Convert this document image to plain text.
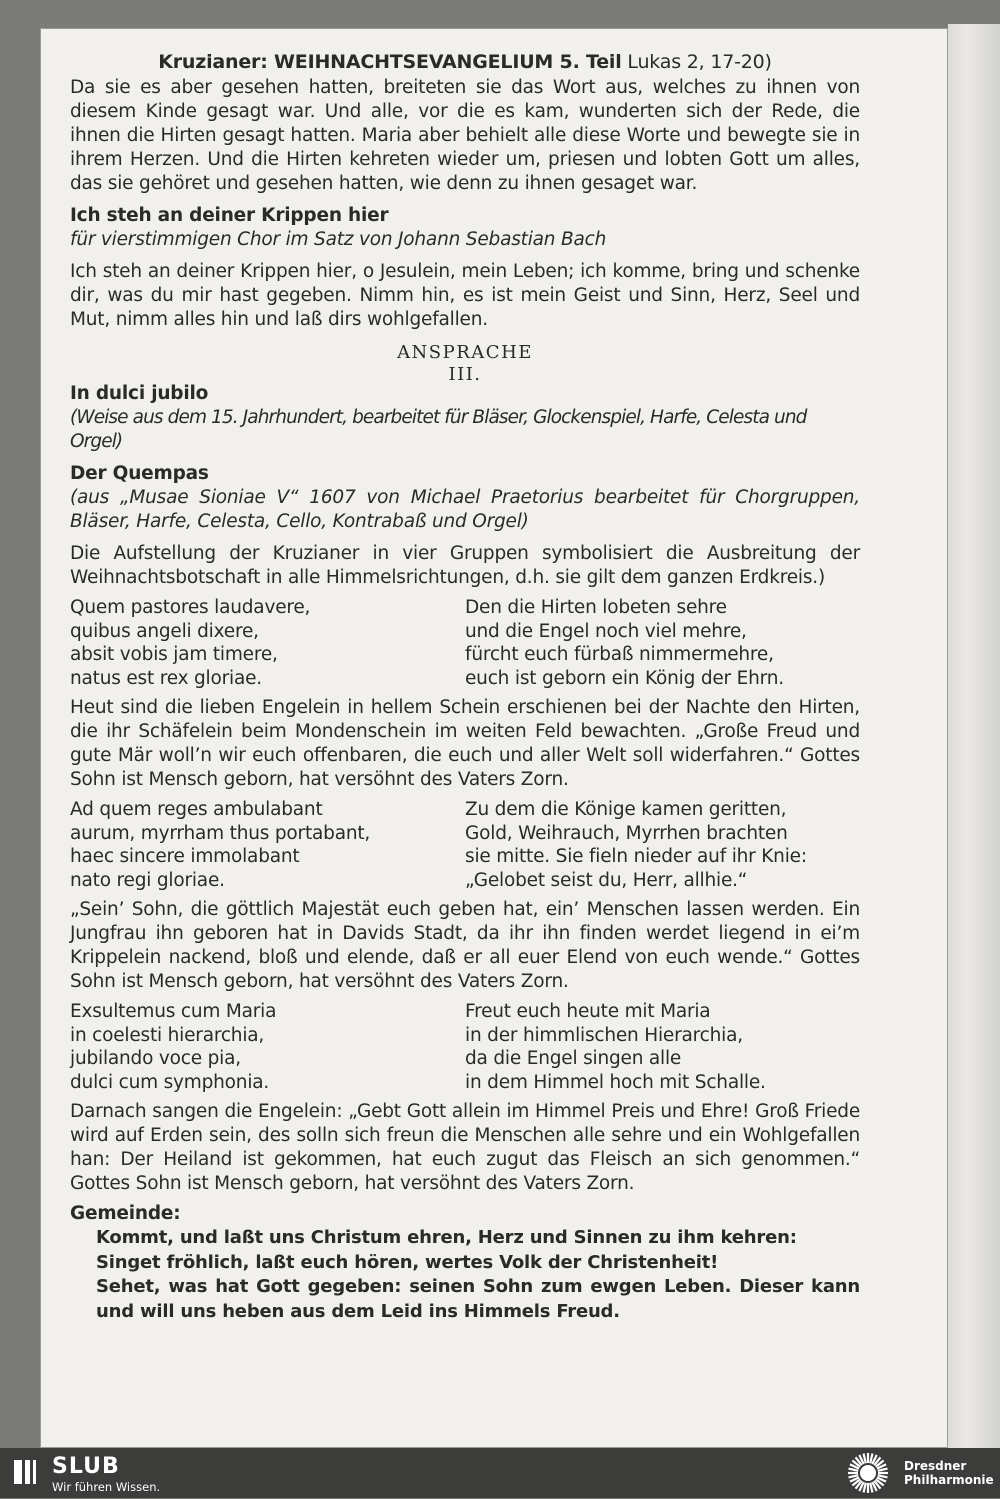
Kruzianer: WEIHNACHTSEVANGELIUM 5. Teil Lukas 2, 17-20)

Da sie es aber gesehen hatten, breiteten sie das Wort aus, welches zu ihnen von diesem Kinde gesagt war. Und alle, vor die es kam, wunderten sich der Rede, die ihnen die Hirten gesagt hatten. Maria aber behielt alle diese Worte und bewegte sie in ihrem Herzen. Und die Hirten kehreten wieder um, priesen und lobten Gott um alles, das sie gehöret und gesehen hatten, wie denn zu ihnen gesaget war.

Ich steh an deiner Krippen hier
für vierstimmigen Chor im Satz von Johann Sebastian Bach

Ich steh an deiner Krippen hier, o Jesulein, mein Leben; ich komme, bring und schenke dir, was du mir hast gegeben. Nimm hin, es ist mein Geist und Sinn, Herz, Seel und Mut, nimm alles hin und laß dirs wohlgefallen.

ANSPRACHE
III.
In dulci jubilo
(Weise aus dem 15. Jahrhundert, bearbeitet für Bläser, Glockenspiel, Harfe, Celesta und Orgel)
Der Quempas
(aus „Musae Sioniae V“ 1607 von Michael Praetorius bearbeitet für Chorgruppen, Bläser, Harfe, Celesta, Cello, Kontrabaß und Orgel)

Die Aufstellung der Kruzianer in vier Gruppen symbolisiert die Ausbreitung der Weihnachtsbotschaft in alle Himmelsrichtungen, d.h. sie gilt dem ganzen Erdkreis.)

Quem pastores laudavere,
quibus angeli dixere,
absit vobis jam timere,
natus est rex gloriae.
Den die Hirten lobeten sehre
und die Engel noch viel mehre,
fürcht euch fürbaß nimmermehre,
euch ist geborn ein König der Ehrn.

Heut sind die lieben Engelein in hellem Schein erschienen bei der Nachte den Hirten, die ihr Schäfelein beim Mondenschein im weiten Feld bewachten. „Große Freud und gute Mär woll’n wir euch offenbaren, die euch und aller Welt soll widerfahren.“ Gottes Sohn ist Mensch geborn, hat versöhnt des Vaters Zorn.

Ad quem reges ambulabant
aurum, myrrham thus portabant,
haec sincere immolabant
nato regi gloriae.
Zu dem die Könige kamen geritten,
Gold, Weihrauch, Myrrhen brachten
sie mitte. Sie fieln nieder auf ihr Knie:
„Gelobet seist du, Herr, allhie.“

„Sein’ Sohn, die göttlich Majestät euch geben hat, ein’ Menschen lassen werden. Ein Jungfrau ihn geboren hat in Davids Stadt, da ihr ihn finden werdet liegend in ei’m Krippelein nackend, bloß und elende, daß er all euer Elend von euch wende.“ Gottes Sohn ist Mensch geborn, hat versöhnt des Vaters Zorn.

Exsultemus cum Maria
in coelesti hierarchia,
jubilando voce pia,
dulci cum symphonia.
Freut euch heute mit Maria
in der himmlischen Hierarchia,
da die Engel singen alle
in dem Himmel hoch mit Schalle.

Darnach sangen die Engelein: „Gebt Gott allein im Himmel Preis und Ehre! Groß Friede wird auf Erden sein, des solln sich freun die Menschen alle sehre und ein Wohlgefallen han: Der Heiland ist gekommen, hat euch zugut das Fleisch an sich genommen.“ Gottes Sohn ist Mensch geborn, hat versöhnt des Vaters Zorn.

Gemeinde:
Kommt, und laßt uns Christum ehren, Herz und Sinnen zu ihm kehren:
Singet fröhlich, laßt euch hören, wertes Volk der Christenheit!
Sehet, was hat Gott gegeben: seinen Sohn zum ewgen Leben. Dieser kann und will uns heben aus dem Leid ins Himmels Freud.
SLUB
Wir führen Wissen.
Dresdner
Philharmonie
